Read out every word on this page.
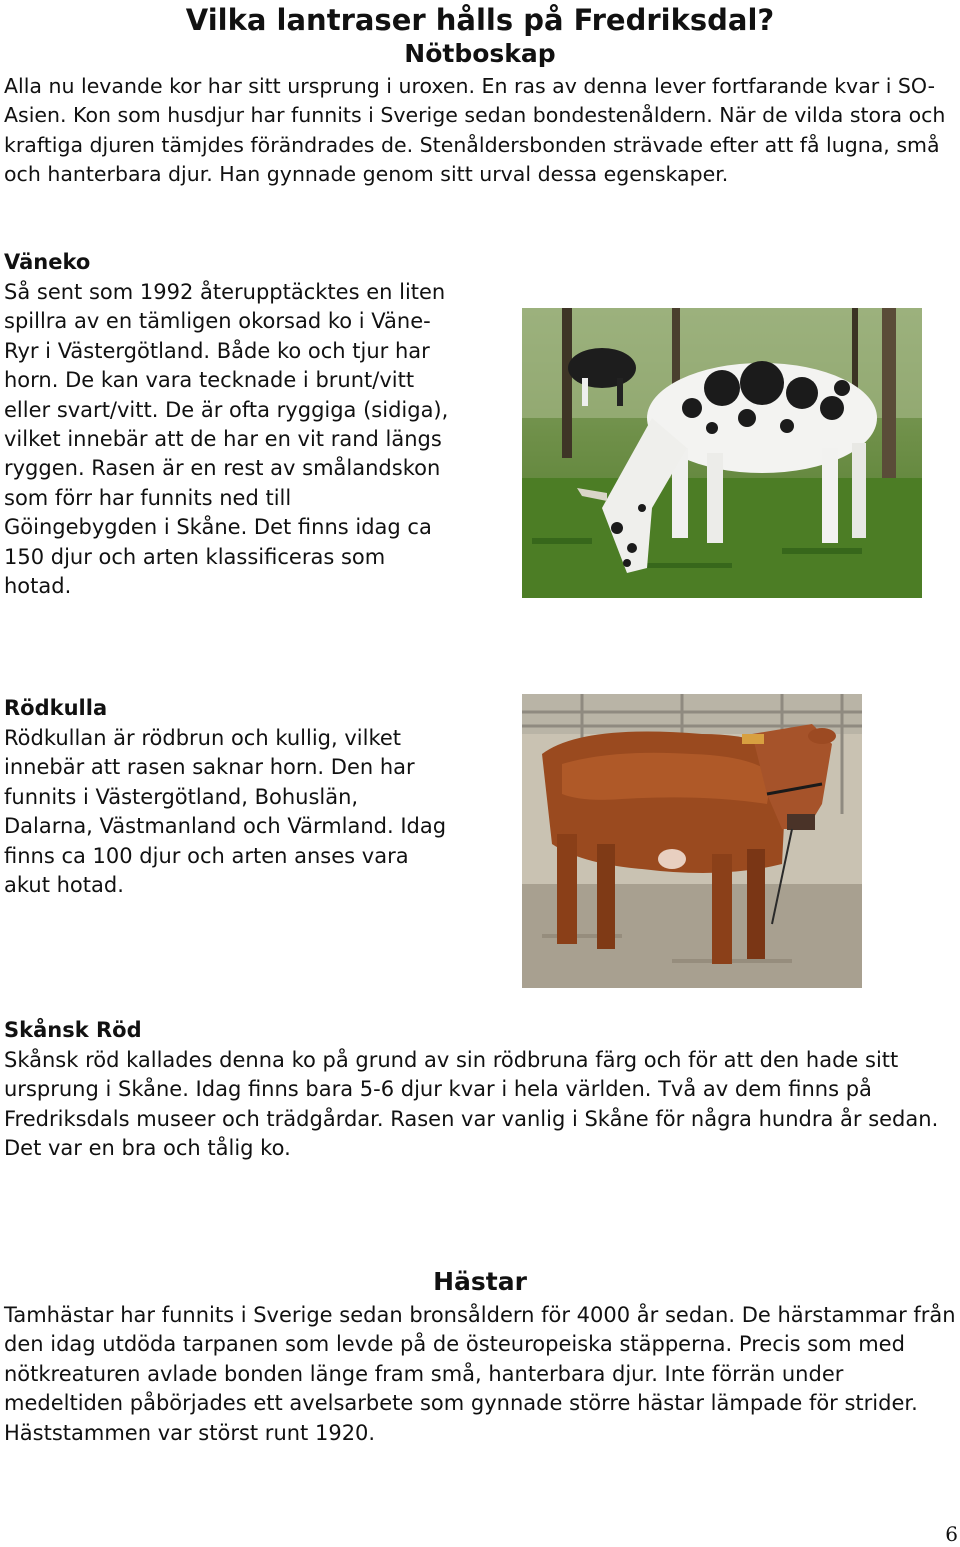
Vilka lantraser hålls på Fredriksdal?
Nötboskap

Alla nu levande kor har sitt ursprung i uroxen. En ras av denna lever fortfarande kvar i SO-Asien. Kon som husdjur har funnits i Sverige sedan bondestenåldern. När de vilda stora och kraftiga djuren tämjdes förändrades de. Stenåldersbonden strävade efter att få lugna, små och hanterbara djur. Han gynnade genom sitt urval dessa egenskaper.

Väneko

Så sent som 1992 återupptäcktes en liten spillra av en tämligen okorsad ko i Väne-Ryr i Västergötland. Både ko och tjur har horn. De kan vara tecknade i brunt/vitt eller svart/vitt. De är ofta ryggiga (sidiga), vilket innebär att de har en vit rand längs ryggen. Rasen är en rest av smålandskon som förr har funnits ned till Göingebygden i Skåne. Det finns idag ca 150 djur och arten klassificeras som hotad.

Rödkulla

Rödkullan är rödbrun och kullig, vilket innebär att rasen saknar horn. Den har funnits i Västergötland, Bohuslän, Dalarna, Västmanland och Värmland. Idag finns ca 100 djur och arten anses vara akut hotad.

Skånsk Röd

Skånsk röd kallades denna ko på grund av sin rödbruna färg och för att den hade sitt ursprung i Skåne. Idag finns bara 5-6 djur kvar i hela världen. Två av dem finns på Fredriksdals museer och trädgårdar. Rasen var vanlig i Skåne för några hundra år sedan. Det var en bra och tålig ko.

Hästar

Tamhästar har funnits i Sverige sedan bronsåldern för 4000 år sedan. De härstammar från den idag utdöda tarpanen som levde på de östeuropeiska stäpperna. Precis som med nötkreaturen avlade bonden länge fram små, hanterbara djur. Inte förrän under medeltiden påbörjades ett avelsarbete som gynnade större hästar lämpade för strider. Häststammen var störst runt 1920.

6
